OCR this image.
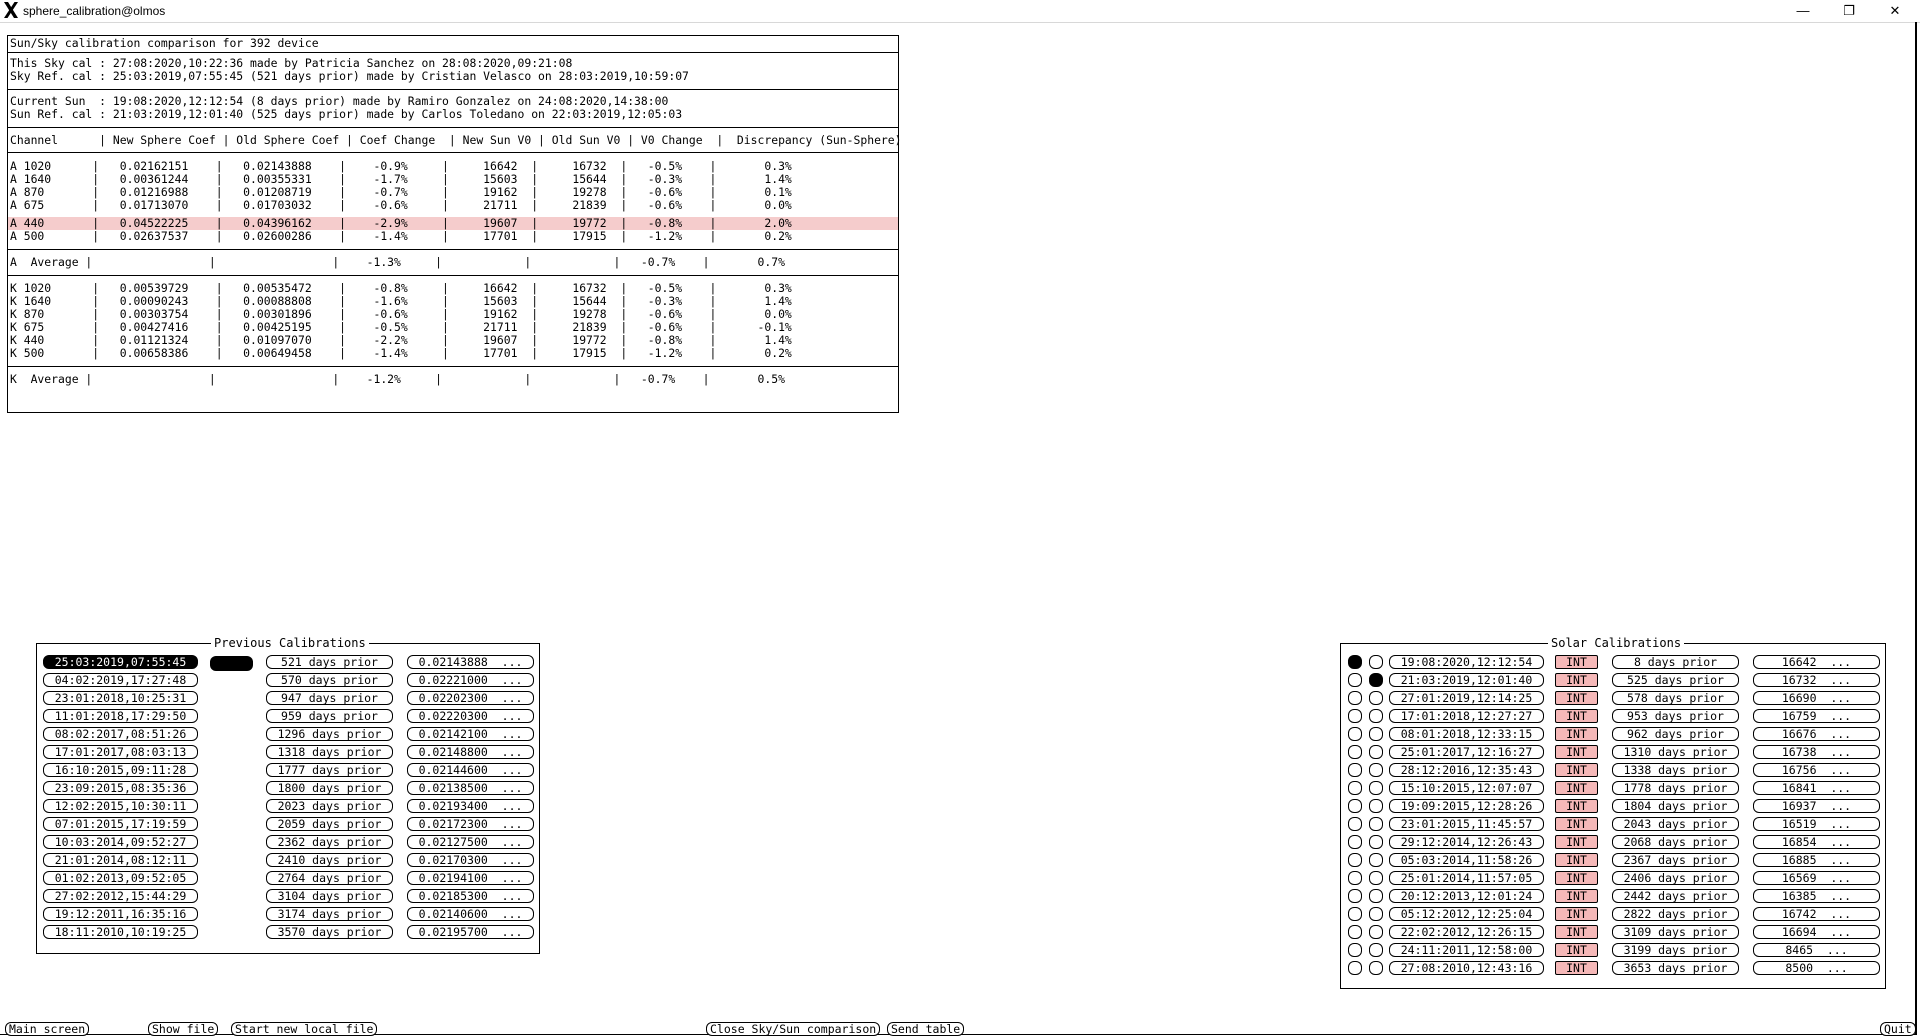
sphere_calibration@olmos	—	❐	✕
Sun/Sky calibration comparison for 392 device
This Sky cal : 27:08:2020,10:22:36 made by Patricia Sanchez on 28:08:2020,09:21:08
Sky Ref. cal : 25:03:2019,07:55:45 (521 days prior) made by Cristian Velasco on 28:03:2019,10:59:07
Current Sun  : 19:08:2020,12:12:54 (8 days prior) made by Ramiro Gonzalez on 24:08:2020,14:38:00
Sun Ref. cal : 21:03:2019,12:01:40 (525 days prior) made by Carlos Toledano on 22:03:2019,12:05:03
Channel      | New Sphere Coef | Old Sphere Coef | Coef Change  | New Sun V0 | Old Sun V0 | V0 Change  |  Discrepancy (Sun-Sphere)
A 1020      |   0.02162151    |   0.02143888    |    -0.9%     |     16642  |     16732  |   -0.5%    |       0.3%
A 1640      |   0.00361244    |   0.00355331    |    -1.7%     |     15603  |     15644  |   -0.3%    |       1.4%
A 870       |   0.01216988    |   0.01208719    |    -0.7%     |     19162  |     19278  |   -0.6%    |       0.1%
A 675       |   0.01713070    |   0.01703032    |    -0.6%     |     21711  |     21839  |   -0.6%    |       0.0%
A 440       |   0.04522225    |   0.04396162    |    -2.9%     |     19607  |     19772  |   -0.8%    |       2.0%
A 500       |   0.02637537    |   0.02600286    |    -1.4%     |     17701  |     17915  |   -1.2%    |       0.2%
A  Average |                 |                 |    -1.3%     |            |            |   -0.7%    |       0.7%
K 1020      |   0.00539729    |   0.00535472    |    -0.8%     |     16642  |     16732  |   -0.5%    |       0.3%
K 1640      |   0.00090243    |   0.00088808    |    -1.6%     |     15603  |     15644  |   -0.3%    |       1.4%
K 870       |   0.00303754    |   0.00301896    |    -0.6%     |     19162  |     19278  |   -0.6%    |       0.0%
K 675       |   0.00427416    |   0.00425195    |    -0.5%     |     21711  |     21839  |   -0.6%    |      -0.1%
K 440       |   0.01121324    |   0.01097070    |    -2.2%     |     19607  |     19772  |   -0.8%    |       1.4%
K 500       |   0.00658386    |   0.00649458    |    -1.4%     |     17701  |     17915  |   -1.2%    |       0.2%
K  Average |                 |                 |    -1.2%     |            |            |   -0.7%    |       0.5%
Previous Calibrations
25:03:2019,07:55:45	521 days prior	0.02143888  ...
04:02:2019,17:27:48	570 days prior	0.02221000  ...
23:01:2018,10:25:31	947 days prior	0.02202300  ...
11:01:2018,17:29:50	959 days prior	0.02220300  ...
08:02:2017,08:51:26	1296 days prior	0.02142100  ...
17:01:2017,08:03:13	1318 days prior	0.02148800  ...
16:10:2015,09:11:28	1777 days prior	0.02144600  ...
23:09:2015,08:35:36	1800 days prior	0.02138500  ...
12:02:2015,10:30:11	2023 days prior	0.02193400  ...
07:01:2015,17:19:59	2059 days prior	0.02172300  ...
10:03:2014,09:52:27	2362 days prior	0.02127500  ...
21:01:2014,08:12:11	2410 days prior	0.02170300  ...
01:02:2013,09:52:05	2764 days prior	0.02194100  ...
27:02:2012,15:44:29	3104 days prior	0.02185300  ...
19:12:2011,16:35:16	3174 days prior	0.02140600  ...
18:11:2010,10:19:25	3570 days prior	0.02195700  ...
Solar Calibrations
19:08:2020,12:12:54	INT	8 days prior	16642  ...
21:03:2019,12:01:40	INT	525 days prior	16732  ...
27:01:2019,12:14:25	INT	578 days prior	16690  ...
17:01:2018,12:27:27	INT	953 days prior	16759  ...
08:01:2018,12:33:15	INT	962 days prior	16676  ...
25:01:2017,12:16:27	INT	1310 days prior	16738  ...
28:12:2016,12:35:43	INT	1338 days prior	16756  ...
15:10:2015,12:07:07	INT	1778 days prior	16841  ...
19:09:2015,12:28:26	INT	1804 days prior	16937  ...
23:01:2015,11:45:57	INT	2043 days prior	16519  ...
29:12:2014,12:26:43	INT	2068 days prior	16854  ...
05:03:2014,11:58:26	INT	2367 days prior	16885  ...
25:01:2014,11:57:05	INT	2406 days prior	16569  ...
20:12:2013,12:01:24	INT	2442 days prior	16385  ...
05:12:2012,12:25:04	INT	2822 days prior	16742  ...
22:02:2012,12:26:15	INT	3109 days prior	16694  ...
24:11:2011,12:58:00	INT	3199 days prior	8465  ...
27:08:2010,12:43:16	INT	3653 days prior	8500  ...
Main screen	Show file	Start new local file	Close Sky/Sun comparison	Send table	Quit
